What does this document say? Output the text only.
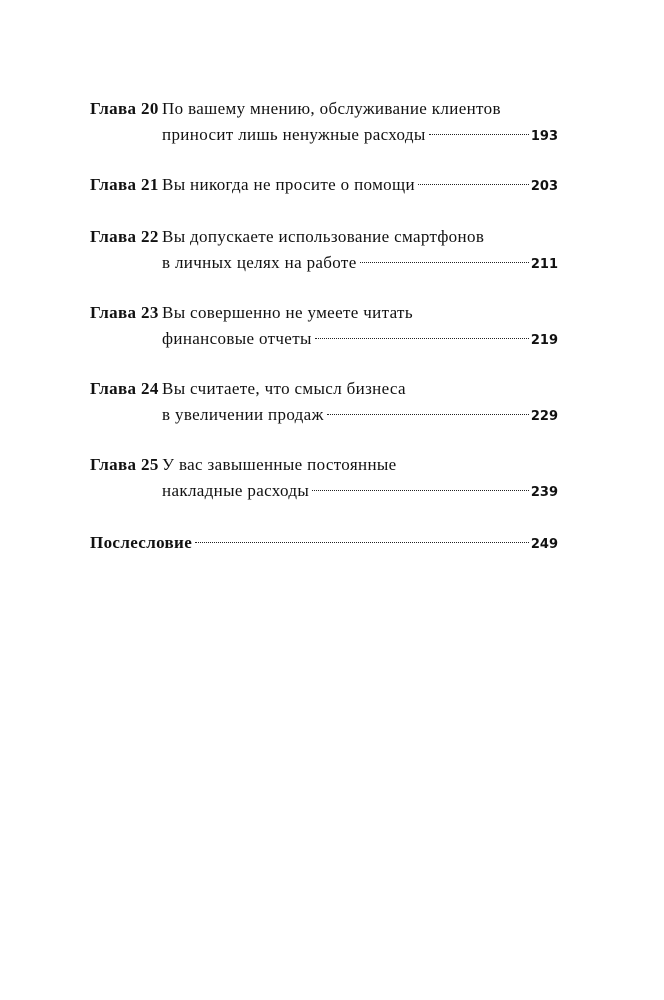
Глава 20 По вашему мнению, обслуживание клиентов
приносит лишь ненужные расходы	193
Глава 21 Вы никогда не просите о помощи	203
Глава 22 Вы допускаете использование смартфонов
в личных целях на работе	211
Глава 23 Вы совершенно не умеете читать
финансовые отчеты	219
Глава 24 Вы считаете, что смысл бизнеса
в увеличении продаж	229
Глава 25 У вас завышенные постоянные
накладные расходы	239
Послесловие	249
